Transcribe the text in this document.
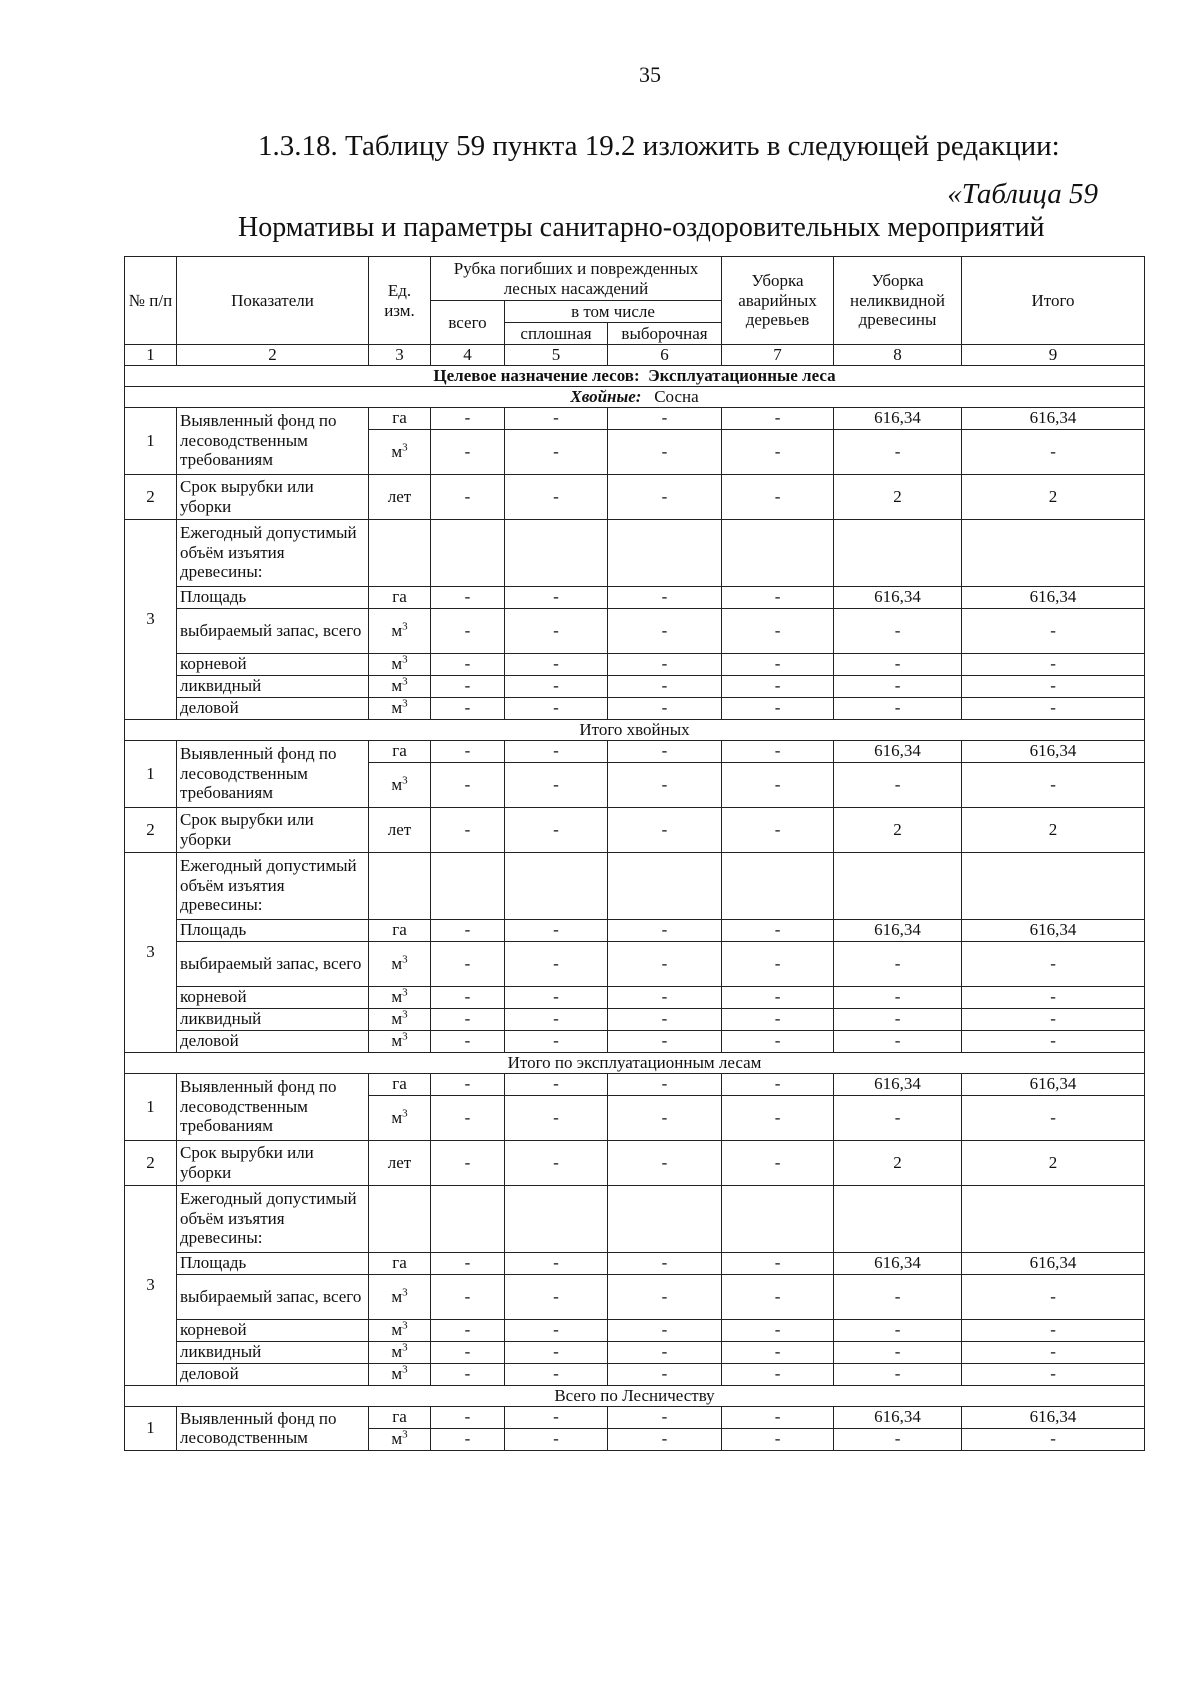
35
1.3.18. Таблицу 59 пункта 19.2 изложить в следующей редакции:
«Таблица 59
Нормативы и параметры санитарно-оздоровительных мероприятий
№ п/п	Показатели	Ед. изм.	Рубка погибших и поврежденных лесных насаждений			Уборка аварийных деревьев	Уборка неликвидной древесины	Итого
			всего	в том числе				
				сплошная	выборочная			
1	2	3	4	5	6	7	8	9
Целевое назначение лесов: Эксплуатационные леса								
Хвойные: Сосна								
1	Выявленный фонд по лесоводственным требованиям	га	-	-	-	-	616,34	616,34
		$м^3$	-	-	-	-	-	-
2	Срок вырубки или уборки	лет	-	-	-	-	2	2
3	Ежегодный допустимый объём изъятия древесины:							
	Площадь	га	-	-	-	-	616,34	616,34
	выбираемый запас, всего	$м^3$	-	-	-	-	-	-
	корневой	$м^3$	-	-	-	-	-	-
	ликвидный	$м^3$	-	-	-	-	-	-
	деловой	$м^3$	-	-	-	-	-	-
Итого хвойных								
1	Выявленный фонд по лесоводственным требованиям	га	-	-	-	-	616,34	616,34
		$м^3$	-	-	-	-	-	-
2	Срок вырубки или уборки	лет	-	-	-	-	2	2
3	Ежегодный допустимый объём изъятия древесины:							
	Площадь	га	-	-	-	-	616,34	616,34
	выбираемый запас, всего	$м^3$	-	-	-	-	-	-
	корневой	$м^3$	-	-	-	-	-	-
	ликвидный	$м^3$	-	-	-	-	-	-
	деловой	$м^3$	-	-	-	-	-	-
Итого по эксплуатационным лесам								
1	Выявленный фонд по лесоводственным требованиям	га	-	-	-	-	616,34	616,34
		$м^3$	-	-	-	-	-	-
2	Срок вырубки или уборки	лет	-	-	-	-	2	2
3	Ежегодный допустимый объём изъятия древесины:							
	Площадь	га	-	-	-	-	616,34	616,34
	выбираемый запас, всего	$м^3$	-	-	-	-	-	-
	корневой	$м^3$	-	-	-	-	-	-
	ликвидный	$м^3$	-	-	-	-	-	-
	деловой	$м^3$	-	-	-	-	-	-
Всего по Лесничеству								
1	Выявленный фонд по лесоводственным	га	-	-	-	-	616,34	616,34
		$м^3$	-	-	-	-	-	-
